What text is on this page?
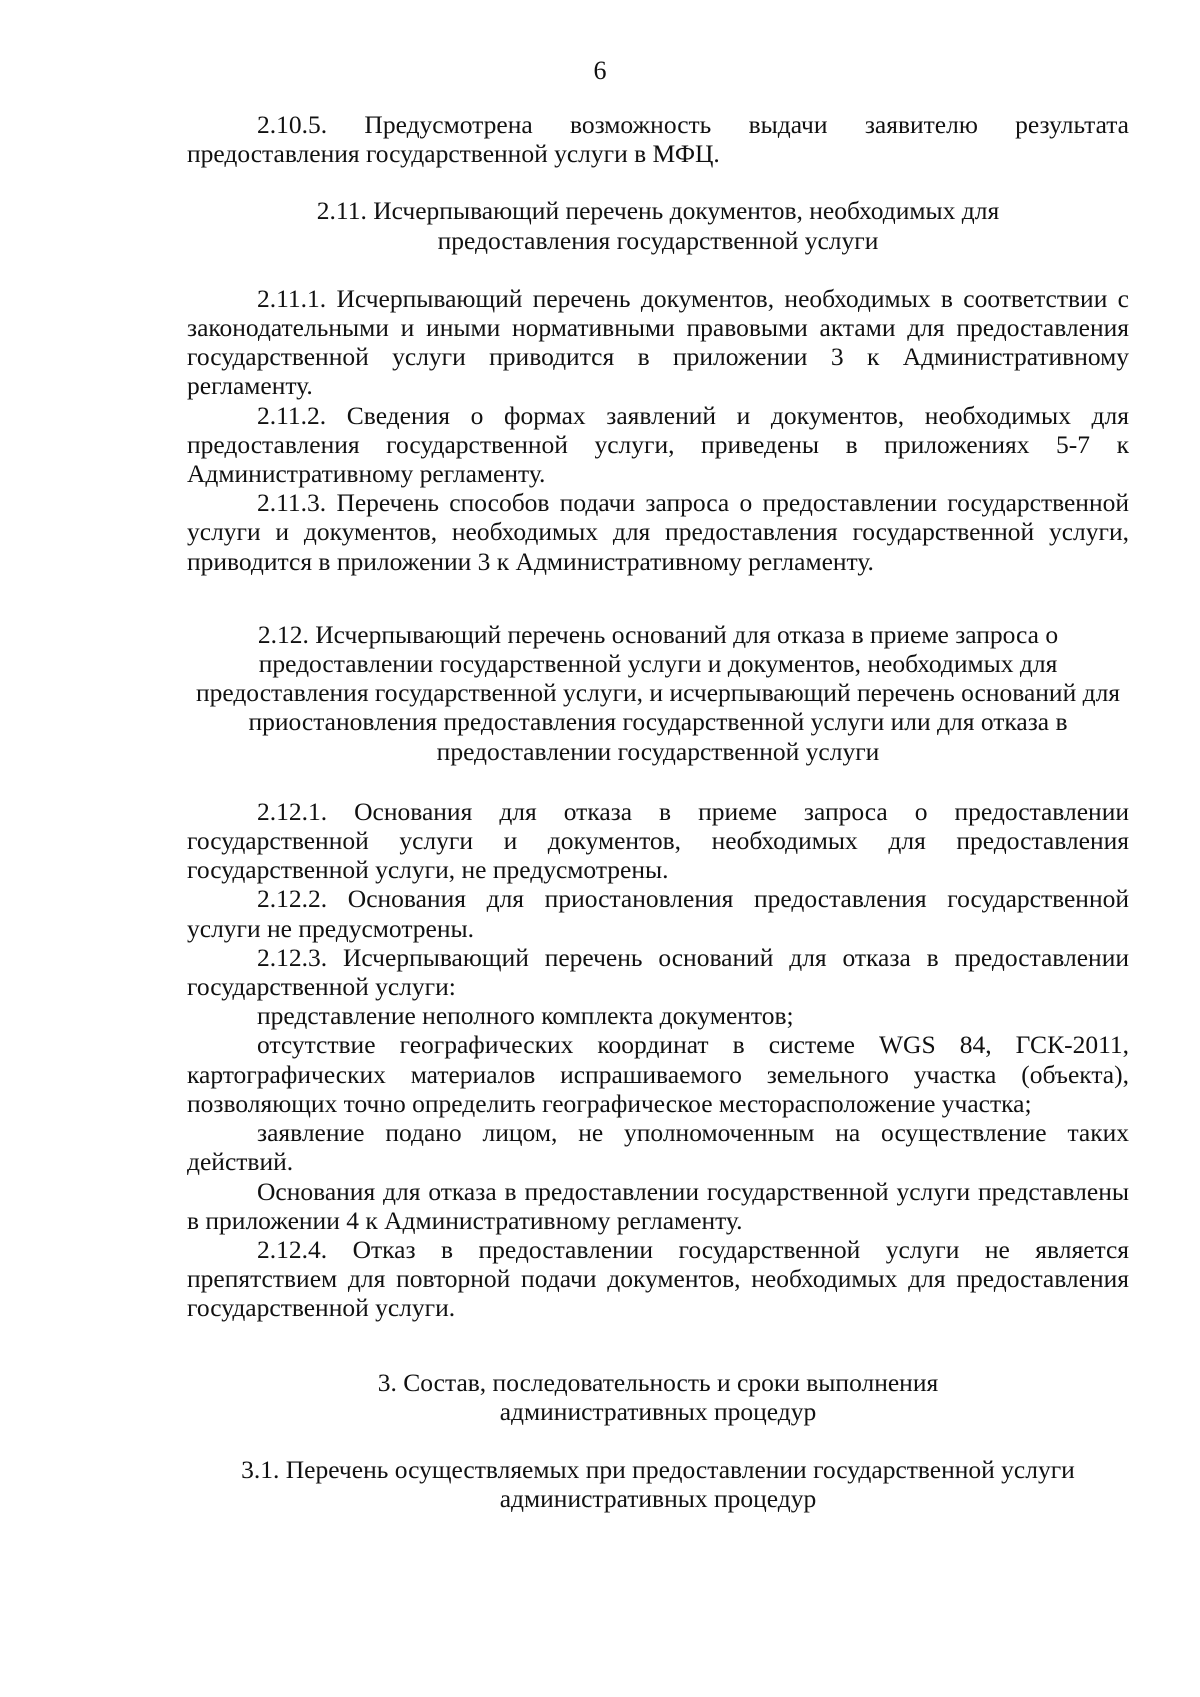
6

2.10.5. Предусмотрена возможность выдачи заявителю результата предоставления государственной услуги в МФЦ.

2.11. Исчерпывающий перечень документов, необходимых для предоставления государственной услуги

2.11.1. Исчерпывающий перечень документов, необходимых в соответствии с законодательными и иными нормативными правовыми актами для предоставления государственной услуги приводится в приложении 3 к Административному регламенту.

2.11.2. Сведения о формах заявлений и документов, необходимых для предоставления государственной услуги, приведены в приложениях 5-7 к Административному регламенту.

2.11.3. Перечень способов подачи запроса о предоставлении государственной услуги и документов, необходимых для предоставления государственной услуги, приводится в приложении 3 к Административному регламенту.

2.12. Исчерпывающий перечень оснований для отказа в приеме запроса о предоставлении государственной услуги и документов, необходимых для предоставления государственной услуги, и исчерпывающий перечень оснований для приостановления предоставления государственной услуги или для отказа в предоставлении государственной услуги

2.12.1. Основания для отказа в приеме запроса о предоставлении государственной услуги и документов, необходимых для предоставления государственной услуги, не предусмотрены.

2.12.2. Основания для приостановления предоставления государственной услуги не предусмотрены.

2.12.3. Исчерпывающий перечень оснований для отказа в предоставлении государственной услуги:

представление неполного комплекта документов;

отсутствие географических координат в системе WGS 84, ГСК-2011, картографических материалов испрашиваемого земельного участка (объекта), позволяющих точно определить географическое месторасположение участка;

заявление подано лицом, не уполномоченным на осуществление таких действий.

Основания для отказа в предоставлении государственной услуги представлены в приложении 4 к Административному регламенту.

2.12.4. Отказ в предоставлении государственной услуги не является препятствием для повторной подачи документов, необходимых для предоставления государственной услуги.

3. Состав, последовательность и сроки выполнения административных процедур

3.1. Перечень осуществляемых при предоставлении государственной услуги административных процедур
